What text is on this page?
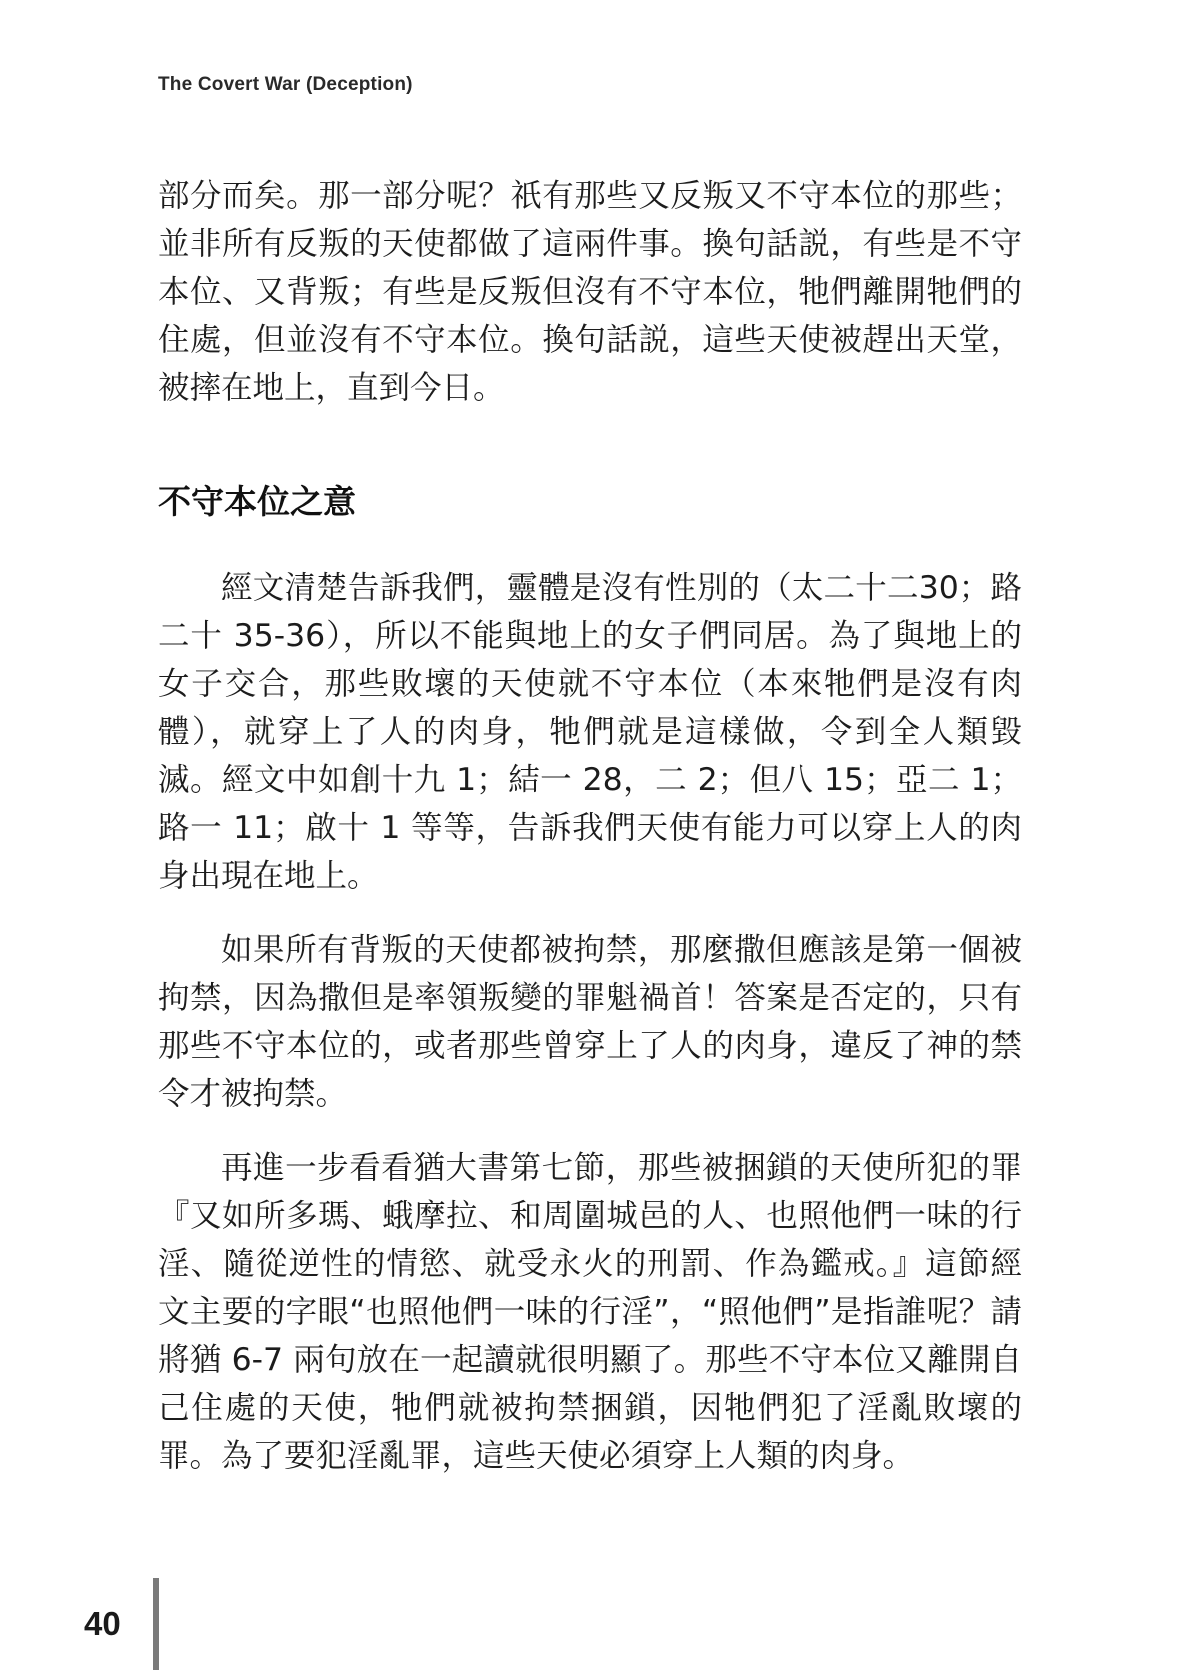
The Covert War (Deception)

部分而矣。那一部分呢？祇有那些又反叛又不守本位的那些；並非所有反叛的天使都做了這兩件事。換句話説，有些是不守本位、又背叛；有些是反叛但沒有不守本位，牠們離開牠們的住處，但並沒有不守本位。換句話説，這些天使被趕出天堂，被摔在地上，直到今日。

不守本位之意

經文清楚告訴我們，靈體是沒有性別的（太二十二30；路二十 35-36），所以不能與地上的女子們同居。為了與地上的女子交合，那些敗壞的天使就不守本位（本來牠們是沒有肉體），就穿上了人的肉身，牠們就是這樣做，令到全人類毀滅。經文中如創十九 1；結一 28，二 2；但八 15；亞二 1；路一 11；啟十 1 等等，告訴我們天使有能力可以穿上人的肉身出現在地上。

如果所有背叛的天使都被拘禁，那麼撒但應該是第一個被拘禁，因為撒但是率領叛變的罪魁禍首！答案是否定的，只有那些不守本位的，或者那些曾穿上了人的肉身，違反了神的禁令才被拘禁。

再進一步看看猶大書第七節，那些被捆鎖的天使所犯的罪『又如所多瑪、蛾摩拉、和周圍城邑的人、也照他們一味的行淫、隨從逆性的情慾、就受永火的刑罰、作為鑑戒。』這節經文主要的字眼“也照他們一味的行淫”，“照他們”是指誰呢？請將猶 6-7 兩句放在一起讀就很明顯了。那些不守本位又離開自己住處的天使，牠們就被拘禁捆鎖，因牠們犯了淫亂敗壞的罪。為了要犯淫亂罪，這些天使必須穿上人類的肉身。

40
